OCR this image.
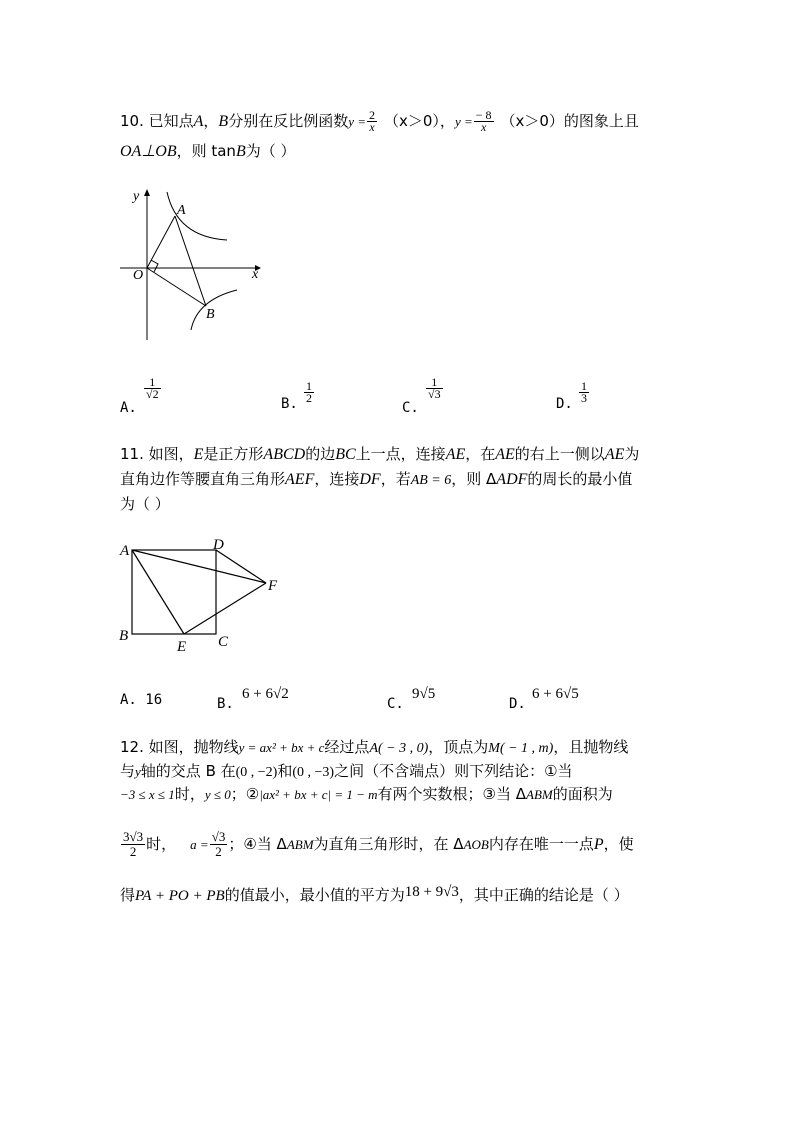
10. 已知点A，B分别在反比例函数$y = \frac{2}{x} (x>0)$，$y = \frac{- 8}{x} (x>0)$的图象上且
OA⊥OB，则 tanB为（ ）
y
x
O
A
B
A.
$\frac{1}{√2}$
B. $\frac{1}{2}$
C.
$\frac{1}{√3}$
D. $\frac{1}{3}$
11. 如图，E是正方形ABCD的边BC上一点，连接AE，在AE的右上一侧以AE为
直角边作等腰直角三角形AEF，连接DF，若AB = 6，则 ΔADF的周长的最小值
为（ ）
A	D
F
B
E C
A. 16	B.
6 + 6√2
C.
9√5
D.
6 + 6√5
12. 如图，抛物线y = ax² + bx + c经过点A( − 3 , 0)，顶点为M( − 1 , m)，且抛物线
与y轴的交点 B 在(0 , −2)和(0 , −3)之间（不含端点）则下列结论：①当
−3 ≤ x ≤ 1时，y ≤ 0；②|ax² + bx + c| = 1 − m有两个实数根；③当 ΔABM的面积为
$\frac{3√3}{2}$ 时， $a = \frac{√3}{2}$ ；④当 ΔABM为直角三角形时，在 ΔAOB内存在唯一一点P，使
得PA + PO + PB的值最小，最小值的平方为18 + 9√3，其中正确的结论是（ ）
